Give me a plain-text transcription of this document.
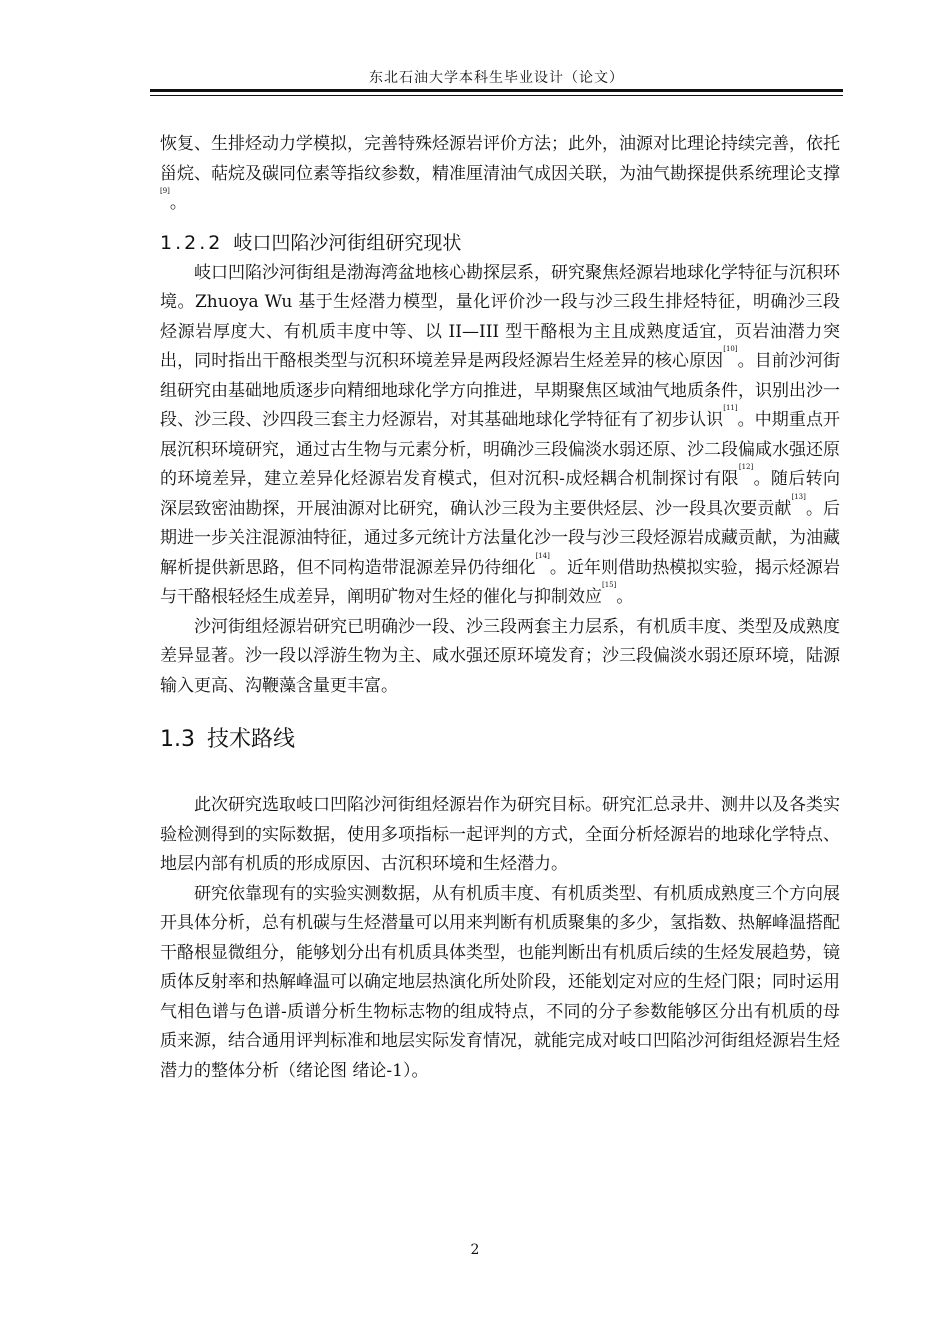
东北石油大学本科生毕业设计（论文）

恢复、生排烃动力学模拟，完善特殊烃源岩评价方法；此外，油源对比理论持续完善，依托甾烷、萜烷及碳同位素等指纹参数，精准厘清油气成因关联，为油气勘探提供系统理论支撑[9]。

1.2.2 岐口凹陷沙河街组研究现状

岐口凹陷沙河街组是渤海湾盆地核心勘探层系，研究聚焦烃源岩地球化学特征与沉积环境。Zhuoya Wu 基于生烃潜力模型，量化评价沙一段与沙三段生排烃特征，明确沙三段烃源岩厚度大、有机质丰度中等、以 II—III 型干酪根为主且成熟度适宜，页岩油潜力突出，同时指出干酪根类型与沉积环境差异是两段烃源岩生烃差异的核心原因[10]。目前沙河街组研究由基础地质逐步向精细地球化学方向推进，早期聚焦区域油气地质条件，识别出沙一段、沙三段、沙四段三套主力烃源岩，对其基础地球化学特征有了初步认识[11]。中期重点开展沉积环境研究，通过古生物与元素分析，明确沙三段偏淡水弱还原、沙二段偏咸水强还原的环境差异，建立差异化烃源岩发育模式，但对沉积-成烃耦合机制探讨有限[12]。随后转向深层致密油勘探，开展油源对比研究，确认沙三段为主要供烃层、沙一段具次要贡献[13]。后期进一步关注混源油特征，通过多元统计方法量化沙一段与沙三段烃源岩成藏贡献，为油藏解析提供新思路，但不同构造带混源差异仍待细化[14]。近年则借助热模拟实验，揭示烃源岩与干酪根轻烃生成差异，阐明矿物对生烃的催化与抑制效应[15]。

沙河街组烃源岩研究已明确沙一段、沙三段两套主力层系，有机质丰度、类型及成熟度差异显著。沙一段以浮游生物为主、咸水强还原环境发育；沙三段偏淡水弱还原环境，陆源输入更高、沟鞭藻含量更丰富。

1.3 技术路线

此次研究选取岐口凹陷沙河街组烃源岩作为研究目标。研究汇总录井、测井以及各类实验检测得到的实际数据，使用多项指标一起评判的方式，全面分析烃源岩的地球化学特点、地层内部有机质的形成原因、古沉积环境和生烃潜力。

研究依靠现有的实验实测数据，从有机质丰度、有机质类型、有机质成熟度三个方向展开具体分析，总有机碳与生烃潜量可以用来判断有机质聚集的多少，氢指数、热解峰温搭配干酪根显微组分，能够划分出有机质具体类型，也能判断出有机质后续的生烃发展趋势，镜质体反射率和热解峰温可以确定地层热演化所处阶段，还能划定对应的生烃门限；同时运用气相色谱与色谱-质谱分析生物标志物的组成特点，不同的分子参数能够区分出有机质的母质来源，结合通用评判标准和地层实际发育情况，就能完成对岐口凹陷沙河街组烃源岩生烃潜力的整体分析（绪论图 绪论-1）。

2
